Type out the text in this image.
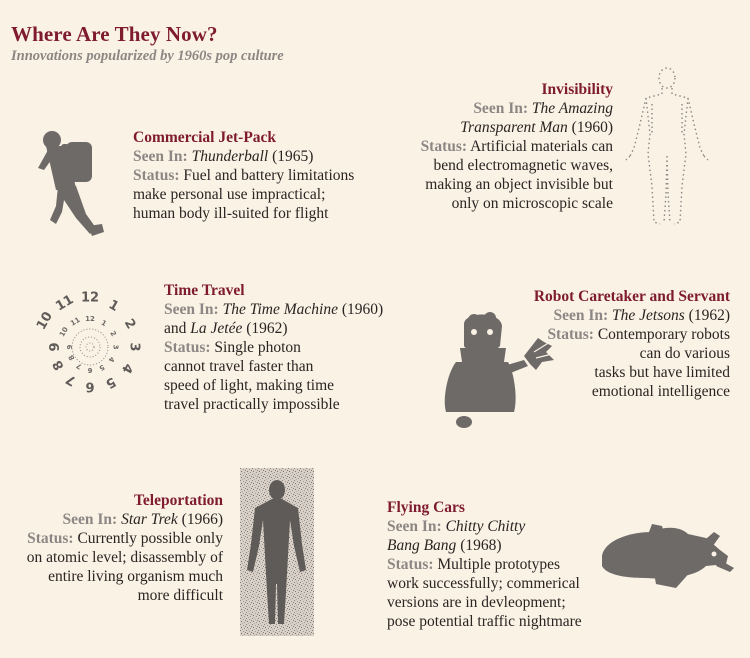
Where Are They Now?
Innovations popularized by 1960s pop culture
Commercial Jet-Pack
Seen In: Thunderball (1965)
Status: Fuel and battery limitations
make personal use impractical;
human body ill-suited for flight
Invisibility
Seen In: The Amazing
Transparent Man (1960)
Status: Artificial materials can
bend electromagnetic waves,
making an object invisible but
only on microscopic scale
10
11 12 1
2
3
4
5
6
7
8
9
10
11 12 1
2
3
4
5
6
7
8
9
Time Travel
Seen In: The Time Machine (1960)
and La Jetée (1962)
Status: Single photon
cannot travel faster than
speed of light, making time
travel practically impossible
Robot Caretaker and Servant
Seen In: The Jetsons (1962)
Status: Contemporary robots
can do various
tasks but have limited
emotional intelligence
Teleportation
Seen In: Star Trek (1966)
Status: Currently possible only
on atomic level; disassembly of
entire living organism much
more difficult
Flying Cars
Seen In: Chitty Chitty
Bang Bang (1968)
Status: Multiple prototypes
work successfully; commerical
versions are in devleopment;
pose potential traffic nightmare
